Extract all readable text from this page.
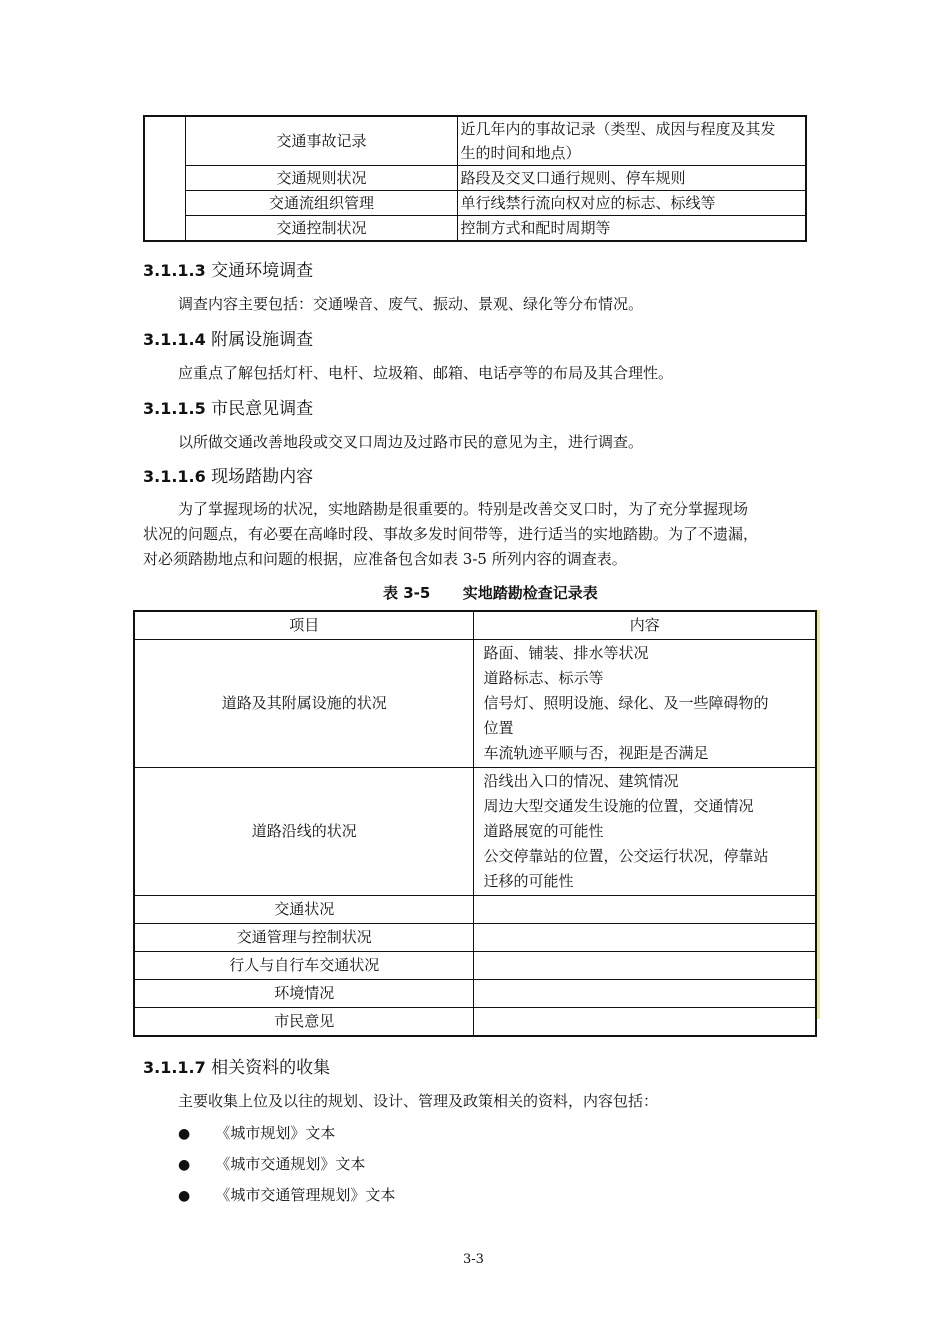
	交通事故记录	近几年内的事故记录（类型、成因与程度及其发
生的时间和地点）

	交通规则状况	路段及交叉口通行规则、停车规则
	交通流组织管理	单行线禁行流向权对应的标志、标线等
	交通控制状况	控制方式和配时周期等
3.1.1.3 交通环境调查
调查内容主要包括：交通噪音、废气、振动、景观、绿化等分布情况。
3.1.1.4 附属设施调查
应重点了解包括灯杆、电杆、垃圾箱、邮箱、电话亭等的布局及其合理性。
3.1.1.5 市民意见调查
以所做交通改善地段或交叉口周边及过路市民的意见为主，进行调查。
3.1.1.6 现场踏勘内容
为了掌握现场的状况，实地踏勘是很重要的。特别是改善交叉口时，为了充分掌握现场
状况的问题点，有必要在高峰时段、事故多发时间带等，进行适当的实地踏勘。为了不遗漏，
对必须踏勘地点和问题的根据，应准备包含如表 3-5 所列内容的调查表。
表 3-5 实地踏勘检查记录表
项目	内容
道路及其附属设施的状况	路面、铺装、排水等状况
道路标志、标示等
信号灯、照明设施、绿化、及一些障碍物的
位置
车流轨迹平顺与否，视距是否满足

道路沿线的状况	沿线出入口的情况、建筑情况
周边大型交通发生设施的位置，交通情况
道路展宽的可能性
公交停靠站的位置，公交运行状况，停靠站
迁移的可能性

交通状况	
交通管理与控制状况	
行人与自行车交通状况	
环境情况	
市民意见	
3.1.1.7 相关资料的收集
主要收集上位及以往的规划、设计、管理及政策相关的资料，内容包括：
● 《城市规划》文本
● 《城市交通规划》文本
● 《城市交通管理规划》文本
3-3
